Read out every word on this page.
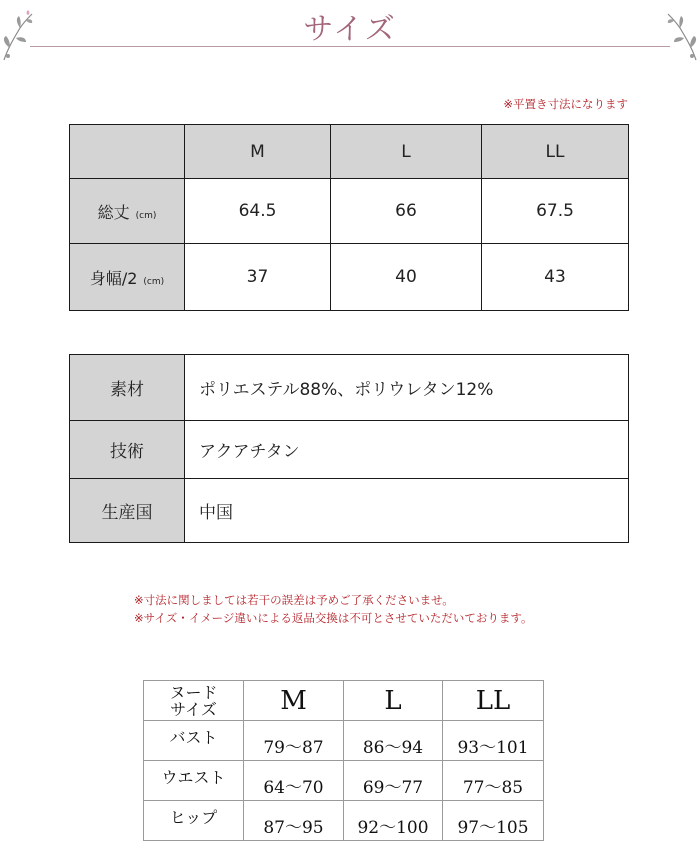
サイズ
※平置き寸法になります
	M	L	LL
総丈 (cm)	64.5	66	67.5
身幅/2 (cm)	37	40	43
素材	ポリエステル88%、ポリウレタン12%
技術	アクアチタン
生産国	中国
※寸法に関しましては若干の誤差は予めご了承くださいませ。
※サイズ・イメージ違いによる返品交換は不可とさせていただいております。
ヌード
サイズ	M	L	LL
バスト	79〜87	86〜94	93〜101
ウエスト	64〜70	69〜77	77〜85
ヒップ	87〜95	92〜100	97〜105
